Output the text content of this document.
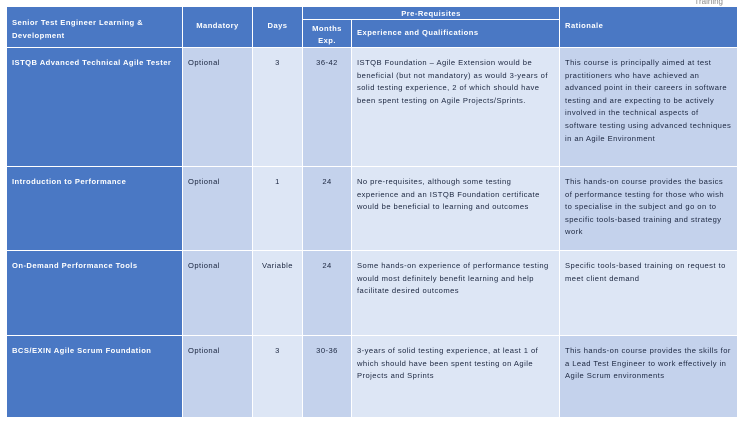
Training
Senior Test Engineer Learning & Development	Mandatory	Days	Pre-Requisites		Rationale
			Months Exp.	Experience and Qualifications	
ISTQB Advanced Technical Agile Tester	Optional	3	36-42	ISTQB Foundation – Agile Extension would be beneficial (but not mandatory) as would 3-years of solid testing experience, 2 of which should have been spent testing on Agile Projects/Sprints.	This course is principally aimed at test practitioners who have achieved an advanced point in their careers in software testing and are expecting to be actively involved in the technical aspects of software testing using advanced techniques in an Agile Environment
Introduction to Performance	Optional	1	24	No pre-requisites, although some testing experience and an ISTQB Foundation certificate would be beneficial to learning and outcomes	This hands-on course provides the basics of performance testing for those who wish to specialise in the subject and go on to specific tools-based training and strategy work
On-Demand Performance Tools	Optional	Variable	24	Some hands-on experience of performance testing would most definitely benefit learning and help facilitate desired outcomes	Specific tools-based training on request to meet client demand
BCS/EXIN Agile Scrum Foundation	Optional	3	30-36	3-years of solid testing experience, at least 1 of which should have been spent testing on Agile Projects and Sprints	This hands-on course provides the skills for a Lead Test Engineer to work effectively in Agile Scrum environments
